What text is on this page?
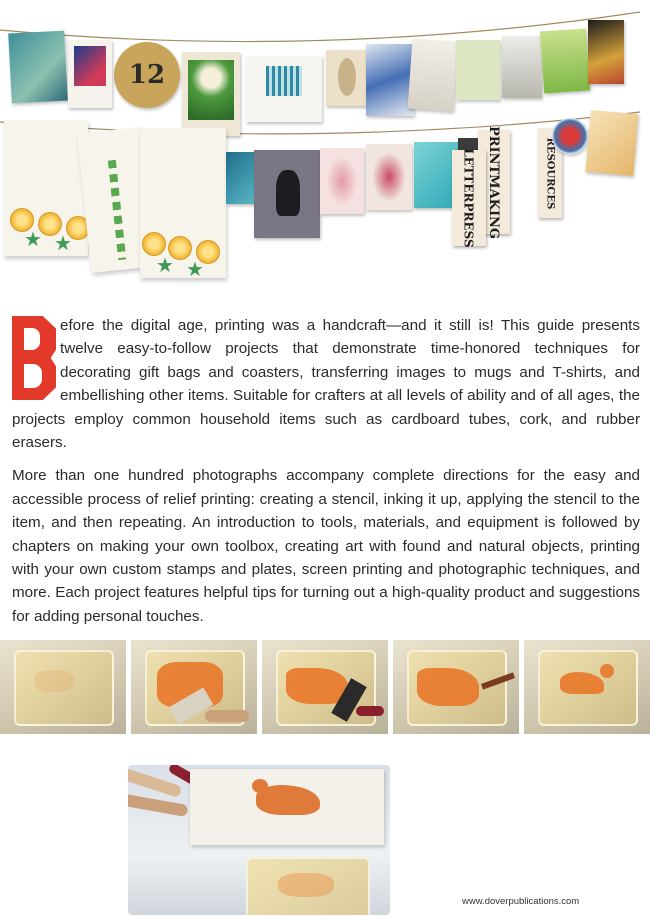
12
★ ★
★ ★
PRINTMAKING
LETTERPRESS	RESOURCES

efore the digital age, printing was a handcraft—and it still is! This guide presents twelve easy-to-follow projects that demonstrate time-honored techniques for decorating gift bags and coasters, transferring images to mugs and T-shirts, and embellishing other items. Suitable for crafters at all levels of ability and of all ages, the projects employ common household items such as cardboard tubes, cork, and rubber erasers.

More than one hundred photographs accompany complete directions for the easy and accessible process of relief printing: creating a stencil, inking it up, applying the stencil to the item, and then repeating. An introduction to tools, materials, and equipment is followed by chapters on making your own toolbox, creating art with found and natural objects, printing with your own custom stamps and plates, screen printing and photographic techniques, and more. Each project features helpful tips for turning out a high-quality product and suggestions for adding personal touches.

www.doverpublications.com
